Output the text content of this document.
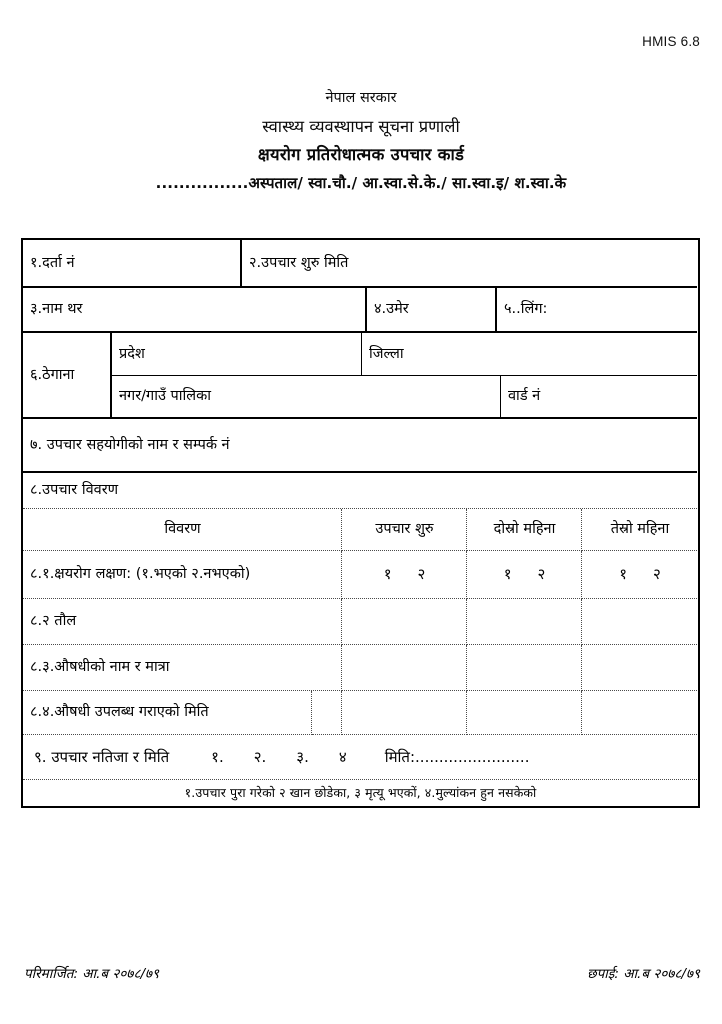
HMIS 6.8
नेपाल सरकार
स्वास्थ्य व्यवस्थापन सूचना प्रणाली
क्षयरोग प्रतिरोधात्मक उपचार कार्ड
................अस्पताल/ स्वा.चौ./ आ.स्वा.से.के./ सा.स्वा.इ/ श.स्वा.के
१.दर्ता नं	२.उपचार शुरु मिति
३.नाम थर	४.उमेर	५..लिंग:
६.ठेगाना
प्रदेश	जिल्ला
नगर/गाउँ पालिका	वार्ड नं
७. उपचार सहयोगीको नाम र सम्पर्क नं
८.उपचार विवरण
विवरण	उपचार शुरु	दोस्रो महिना	तेस्रो महिना
८.१.क्षयरोग लक्षण: (१.भएको २.नभएको)	१ २	१ २	१ २
८.२ तौल
८.३.औषधीको नाम र मात्रा
८.४.औषधी उपलब्ध गराएको मिति
९. उपचार नतिजा र मिति	१. २. ३. ४	मिति:........................
१.उपचार पुरा गरेको २ खान छोडेका, ३ मृत्यू भएकों, ४.मुल्यांकन हुन नसकेको
परिमार्जित: आ.ब २०७८/७९	छपाई: आ.ब २०७८/७९
